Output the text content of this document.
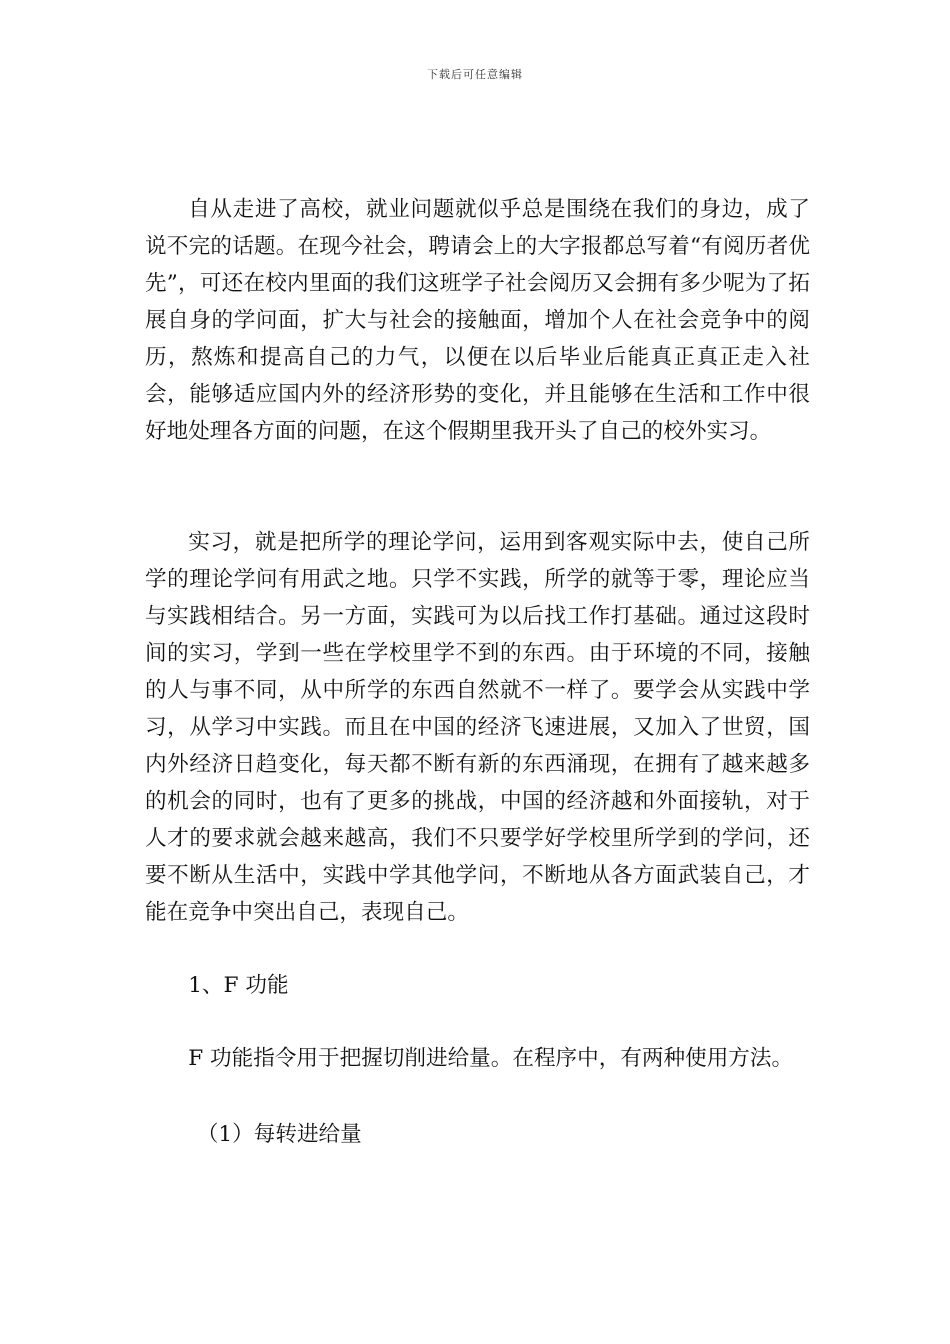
下载后可任意编辑

自从走进了高校，就业问题就似乎总是围绕在我们的身边，成了说不完的话题。在现今社会，聘请会上的大字报都总写着“有阅历者优先”，可还在校内里面的我们这班学子社会阅历又会拥有多少呢为了拓展自身的学问面，扩大与社会的接触面，增加个人在社会竞争中的阅历，熬炼和提高自己的力气，以便在以后毕业后能真正真正走入社会，能够适应国内外的经济形势的变化，并且能够在生活和工作中很好地处理各方面的问题，在这个假期里我开头了自己的校外实习。

实习，就是把所学的理论学问，运用到客观实际中去，使自己所学的理论学问有用武之地。只学不实践，所学的就等于零，理论应当与实践相结合。另一方面，实践可为以后找工作打基础。通过这段时间的实习，学到一些在学校里学不到的东西。由于环境的不同，接触的人与事不同，从中所学的东西自然就不一样了。要学会从实践中学习，从学习中实践。而且在中国的经济飞速进展，又加入了世贸，国内外经济日趋变化，每天都不断有新的东西涌现，在拥有了越来越多的机会的同时，也有了更多的挑战，中国的经济越和外面接轨，对于人才的要求就会越来越高，我们不只要学好学校里所学到的学问，还要不断从生活中，实践中学其他学问，不断地从各方面武装自己，才能在竞争中突出自己，表现自己。

1、F 功能

F 功能指令用于把握切削进给量。在程序中，有两种使用方法。

（1）每转进给量
